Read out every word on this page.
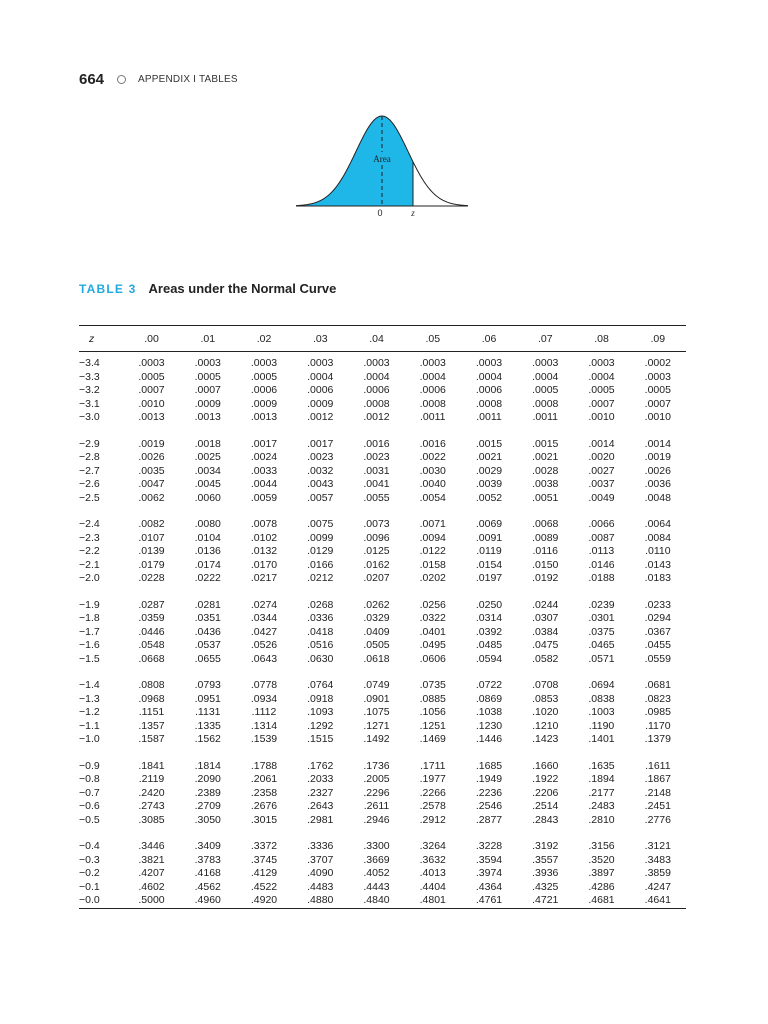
664	APPENDIX I TABLES
Area
0	z
TABLE 3 Areas under the Normal Curve
z	.00	.01	.02	.03	.04	.05	.06	.07	.08	.09

−3.4	.0003	.0003	.0003	.0003	.0003	.0003	.0003	.0003	.0003	.0002
−3.3	.0005	.0005	.0005	.0004	.0004	.0004	.0004	.0004	.0004	.0003
−3.2	.0007	.0007	.0006	.0006	.0006	.0006	.0006	.0005	.0005	.0005
−3.1	.0010	.0009	.0009	.0009	.0008	.0008	.0008	.0008	.0007	.0007
−3.0	.0013	.0013	.0013	.0012	.0012	.0011	.0011	.0011	.0010	.0010

−2.9	.0019	.0018	.0017	.0017	.0016	.0016	.0015	.0015	.0014	.0014
−2.8	.0026	.0025	.0024	.0023	.0023	.0022	.0021	.0021	.0020	.0019
−2.7	.0035	.0034	.0033	.0032	.0031	.0030	.0029	.0028	.0027	.0026
−2.6	.0047	.0045	.0044	.0043	.0041	.0040	.0039	.0038	.0037	.0036
−2.5	.0062	.0060	.0059	.0057	.0055	.0054	.0052	.0051	.0049	.0048

−2.4	.0082	.0080	.0078	.0075	.0073	.0071	.0069	.0068	.0066	.0064
−2.3	.0107	.0104	.0102	.0099	.0096	.0094	.0091	.0089	.0087	.0084
−2.2	.0139	.0136	.0132	.0129	.0125	.0122	.0119	.0116	.0113	.0110
−2.1	.0179	.0174	.0170	.0166	.0162	.0158	.0154	.0150	.0146	.0143
−2.0	.0228	.0222	.0217	.0212	.0207	.0202	.0197	.0192	.0188	.0183

−1.9	.0287	.0281	.0274	.0268	.0262	.0256	.0250	.0244	.0239	.0233
−1.8	.0359	.0351	.0344	.0336	.0329	.0322	.0314	.0307	.0301	.0294
−1.7	.0446	.0436	.0427	.0418	.0409	.0401	.0392	.0384	.0375	.0367
−1.6	.0548	.0537	.0526	.0516	.0505	.0495	.0485	.0475	.0465	.0455
−1.5	.0668	.0655	.0643	.0630	.0618	.0606	.0594	.0582	.0571	.0559

−1.4	.0808	.0793	.0778	.0764	.0749	.0735	.0722	.0708	.0694	.0681
−1.3	.0968	.0951	.0934	.0918	.0901	.0885	.0869	.0853	.0838	.0823
−1.2	.1151	.1131	.1112	.1093	.1075	.1056	.1038	.1020	.1003	.0985
−1.1	.1357	.1335	.1314	.1292	.1271	.1251	.1230	.1210	.1190	.1170
−1.0	.1587	.1562	.1539	.1515	.1492	.1469	.1446	.1423	.1401	.1379

−0.9	.1841	.1814	.1788	.1762	.1736	.1711	.1685	.1660	.1635	.1611
−0.8	.2119	.2090	.2061	.2033	.2005	.1977	.1949	.1922	.1894	.1867
−0.7	.2420	.2389	.2358	.2327	.2296	.2266	.2236	.2206	.2177	.2148
−0.6	.2743	.2709	.2676	.2643	.2611	.2578	.2546	.2514	.2483	.2451
−0.5	.3085	.3050	.3015	.2981	.2946	.2912	.2877	.2843	.2810	.2776

−0.4	.3446	.3409	.3372	.3336	.3300	.3264	.3228	.3192	.3156	.3121
−0.3	.3821	.3783	.3745	.3707	.3669	.3632	.3594	.3557	.3520	.3483
−0.2	.4207	.4168	.4129	.4090	.4052	.4013	.3974	.3936	.3897	.3859
−0.1	.4602	.4562	.4522	.4483	.4443	.4404	.4364	.4325	.4286	.4247
−0.0	.5000	.4960	.4920	.4880	.4840	.4801	.4761	.4721	.4681	.4641
